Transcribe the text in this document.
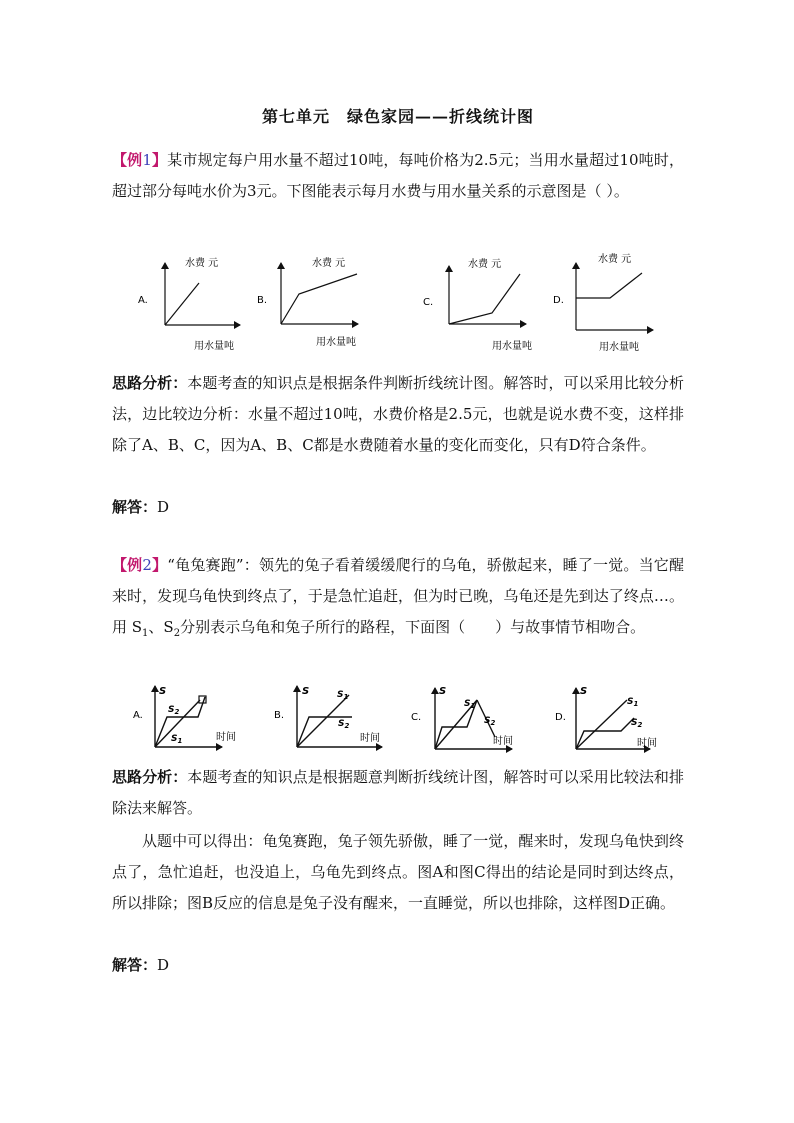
第七单元　绿色家园——折线统计图
【例1】某市规定每户用水量不超过10吨，每吨价格为2.5元；当用水量超过10吨时，超过部分每吨水价为3元。下图能表示每月水费与用水量关系的示意图是（ ）。
A.
水费 元
用水量吨
B.
水费 元
用水量吨
C.
水费 元
用水量吨
D.
水费 元
用水量吨
思路分析：本题考查的知识点是根据条件判断折线统计图。解答时，可以采用比较分析法，边比较边分析：水量不超过10吨，水费价格是2.5元，也就是说水费不变，这样排除了A、B、C，因为A、B、C都是水费随着水量的变化而变化，只有D符合条件。
解答：D
【例2】“龟兔赛跑”：领先的兔子看着缓缓爬行的乌龟，骄傲起来，睡了一觉。当它醒来时，发现乌龟快到终点了，于是急忙追赶，但为时已晚，乌龟还是先到达了终点…。用 $S_1$、$S_2$分别表示乌龟和兔子所行的路程，下面图（　　）与故事情节相吻合。
A.
S
$S_2$
$S_1$	时间
B.
S	$S_1$
$S_2$
时间
C.
S
$S_1$
$S_2$
时间
D.
S
$S_1$
$S_2$
时间
思路分析：本题考查的知识点是根据题意判断折线统计图，解答时可以采用比较法和排除法来解答。
从题中可以得出：龟兔赛跑，兔子领先骄傲，睡了一觉，醒来时，发现乌龟快到终点了，急忙追赶，也没追上，乌龟先到终点。图A和图C得出的结论是同时到达终点，所以排除；图B反应的信息是兔子没有醒来，一直睡觉，所以也排除，这样图D正确。
解答：D
